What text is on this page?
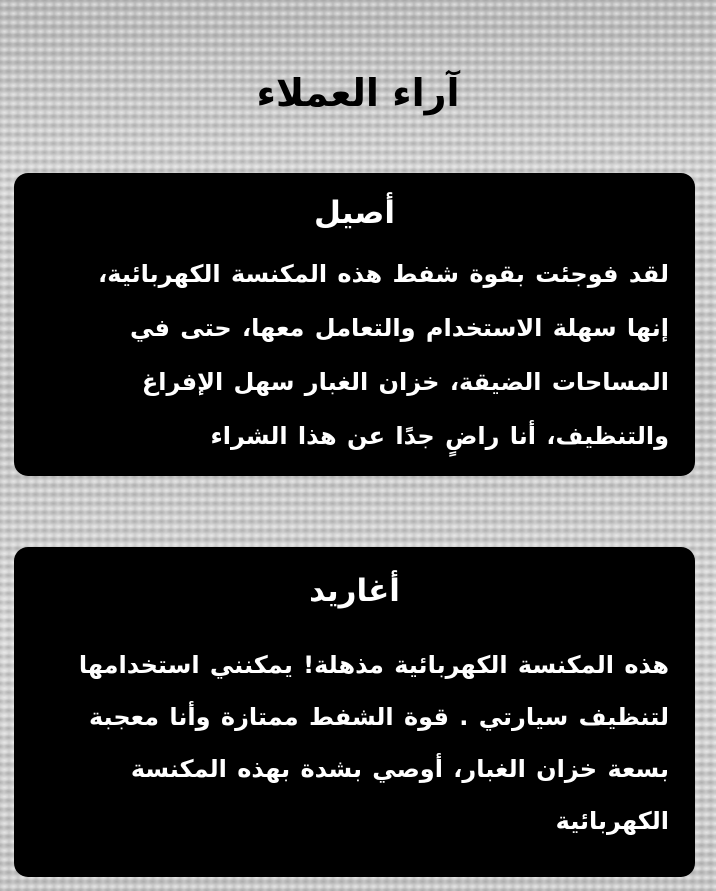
آراء العملاء
أصيل

لقد فوجئت بقوة شفط هذه المكنسة الكهربائية، إنها سهلة الاستخدام والتعامل معها، حتى في المساحات الضيقة، خزان الغبار سهل الإفراغ والتنظيف، أنا راضٍ جدًا عن هذا الشراء

أغاريد

هذه المكنسة الكهربائية مذهلة! يمكنني استخدامها لتنظيف سيارتي . قوة الشفط ممتازة وأنا معجبة بسعة خزان الغبار، أوصي بشدة بهذه المكنسة الكهربائية
